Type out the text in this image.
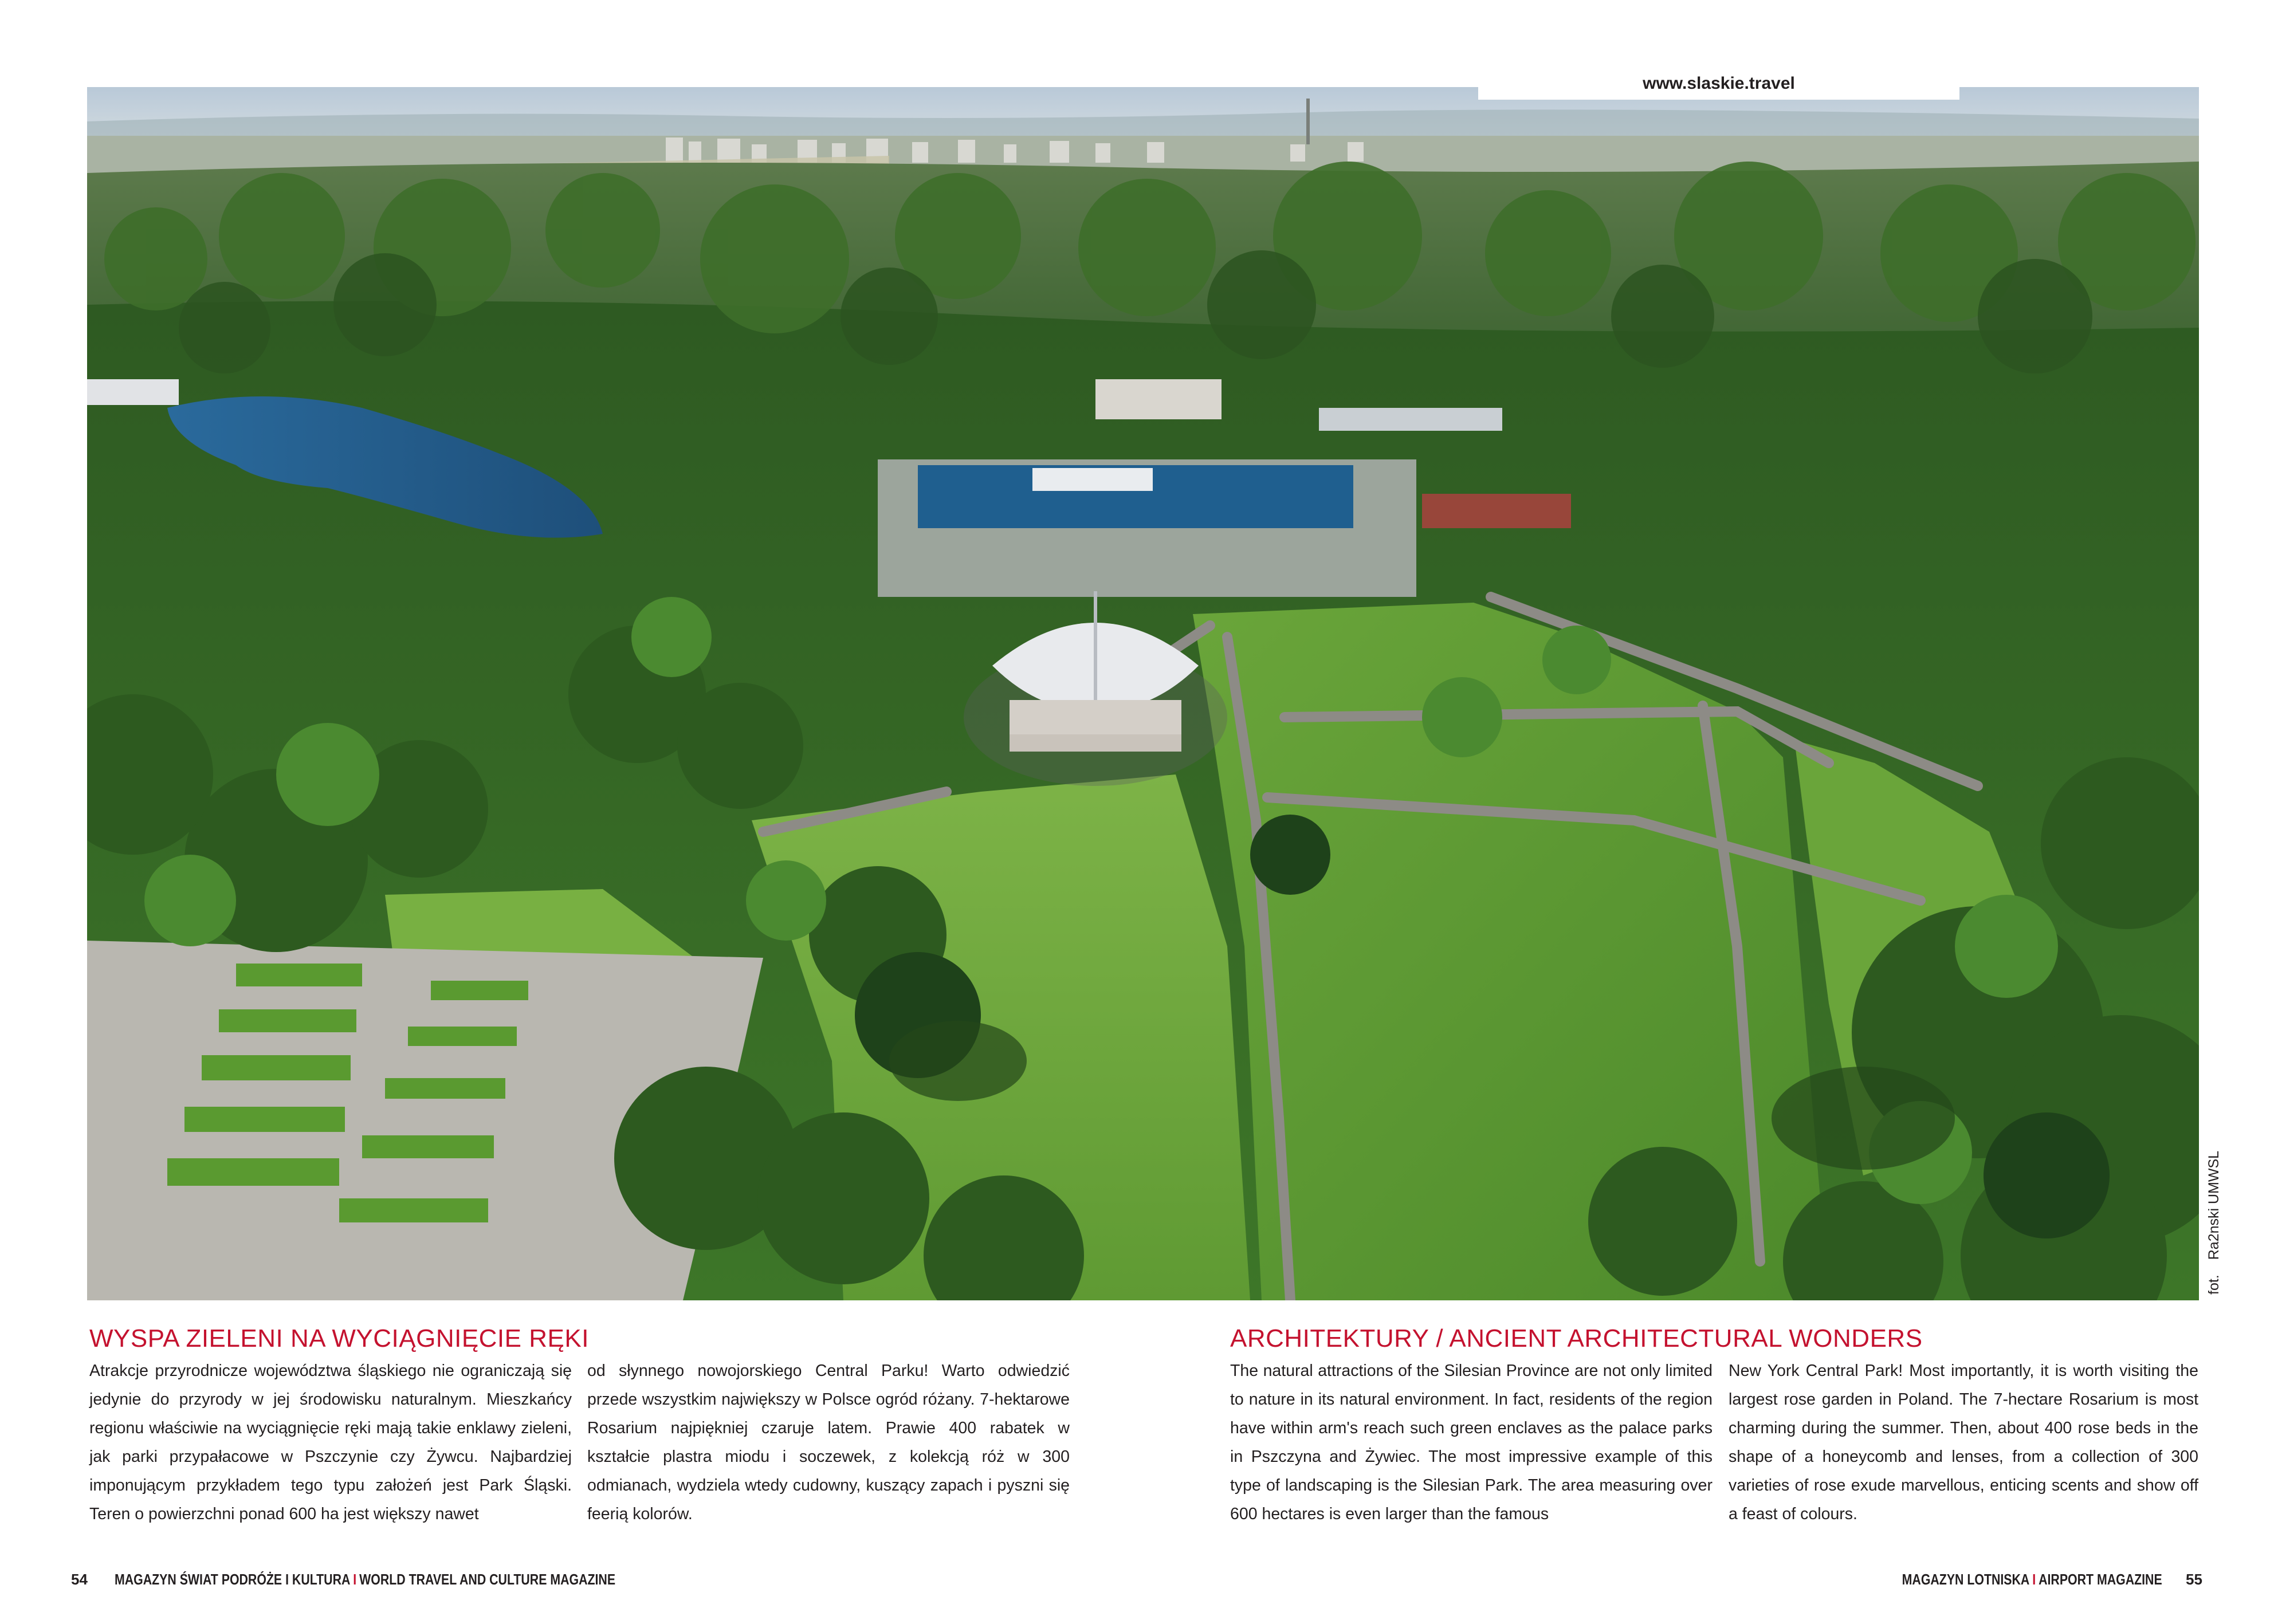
www.slaskie.travel
fot.Ra2nski UMWSL
WYSPA ZIELENI NA WYCIĄGNIĘCIE RĘKI

Atrakcje przyrodnicze województwa śląskiego nie ograniczają się jedynie do przyrody w jej środowisku naturalnym. Mieszkańcy regionu właściwie na wyciągnięcie ręki mają takie enklawy zieleni, jak parki przypałacowe w Pszczynie czy Żywcu. Najbardziej imponującym przykładem tego typu założeń jest Park Śląski. Teren o powierzchni ponad 600 ha jest większy nawet

od słynnego nowojorskiego Central Parku! Warto odwiedzić przede wszystkim największy w Polsce ogród różany. 7-hektarowe Rosarium najpiękniej czaruje latem. Prawie 400 rabatek w kształcie plastra miodu i soczewek, z kolekcją róż w 300 odmianach, wydziela wtedy cudowny, kuszący zapach i pyszni się feerią kolorów.

ARCHITEKTURY / ANCIENT ARCHITECTURAL WONDERS

The natural attractions of the Silesian Province are not only limited to nature in its natural environment. In fact, residents of the region have within arm's reach such green enclaves as the palace parks in Pszczyna and Żywiec. The most impressive example of this type of landscaping is the Silesian Park. The area measuring over 600 hectares is even larger than the famous

New York Central Park! Most importantly, it is worth visiting the largest rose garden in Poland. The 7-hectare Rosarium is most charming during the summer. Then, about 400 rose beds in the shape of a honeycomb and lenses, from a collection of 300 varieties of rose exude marvellous, enticing scents and show off a feast of colours.

54 MAGAZYN ŚWIAT PODRÓŻE I KULTURA I WORLD TRAVEL AND CULTURE MAGAZINE	MAGAZYN LOTNISKA I AIRPORT MAGAZINE 55
